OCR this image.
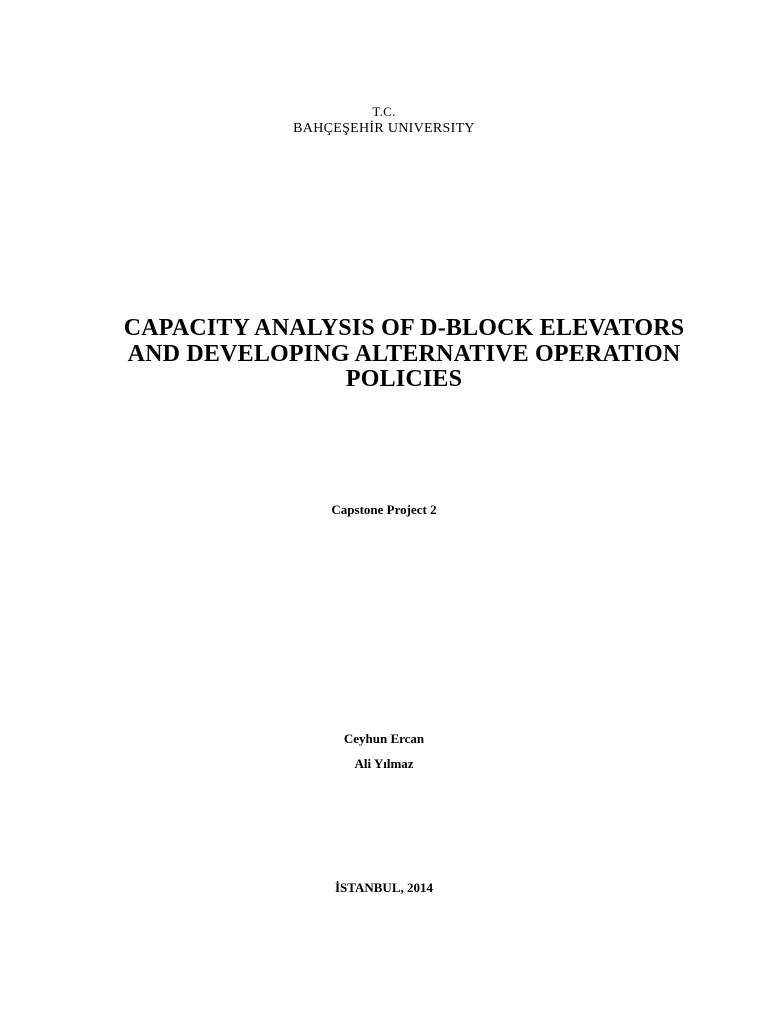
T.C.
BAHÇEŞEHİR UNIVERSITY
CAPACITY ANALYSIS OF D-BLOCK ELEVATORS
AND DEVELOPING ALTERNATIVE OPERATION
POLICIES
Capstone Project 2
Ceyhun Ercan
Ali Yılmaz
İSTANBUL, 2014
